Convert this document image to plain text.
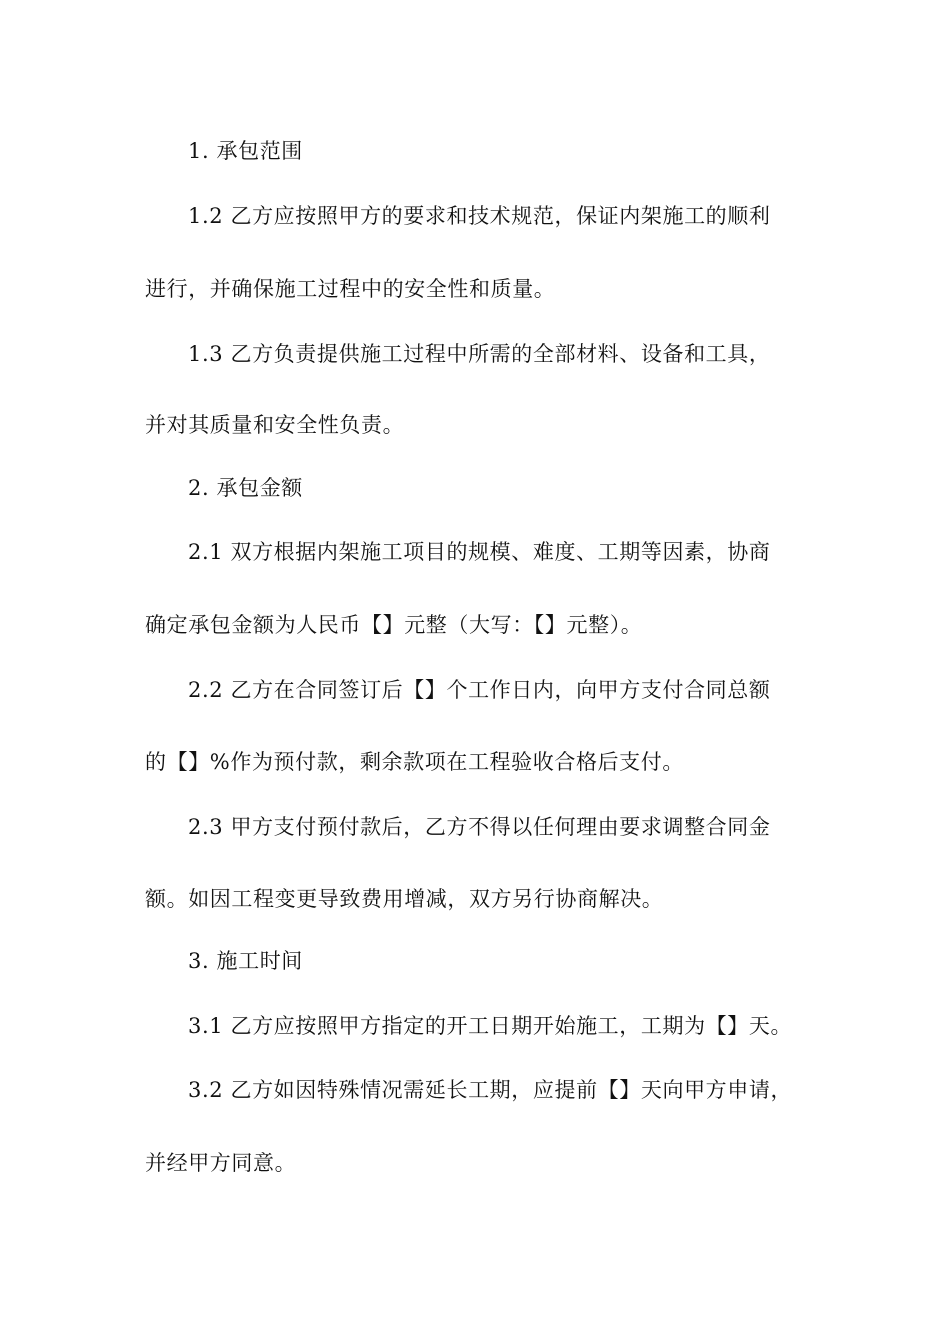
1. 承包范围
1.2 乙方应按照甲方的要求和技术规范，保证内架施工的顺利
进行，并确保施工过程中的安全性和质量。
1.3 乙方负责提供施工过程中所需的全部材料、设备和工具，
并对其质量和安全性负责。
2. 承包金额
2.1 双方根据内架施工项目的规模、难度、工期等因素，协商
确定承包金额为人民币【】元整（大写：【】元整）。
2.2 乙方在合同签订后【】个工作日内，向甲方支付合同总额
的【】%作为预付款，剩余款项在工程验收合格后支付。
2.3 甲方支付预付款后，乙方不得以任何理由要求调整合同金
额。如因工程变更导致费用增减，双方另行协商解决。
3. 施工时间
3.1 乙方应按照甲方指定的开工日期开始施工，工期为【】天。
3.2 乙方如因特殊情况需延长工期，应提前【】天向甲方申请，
并经甲方同意。
